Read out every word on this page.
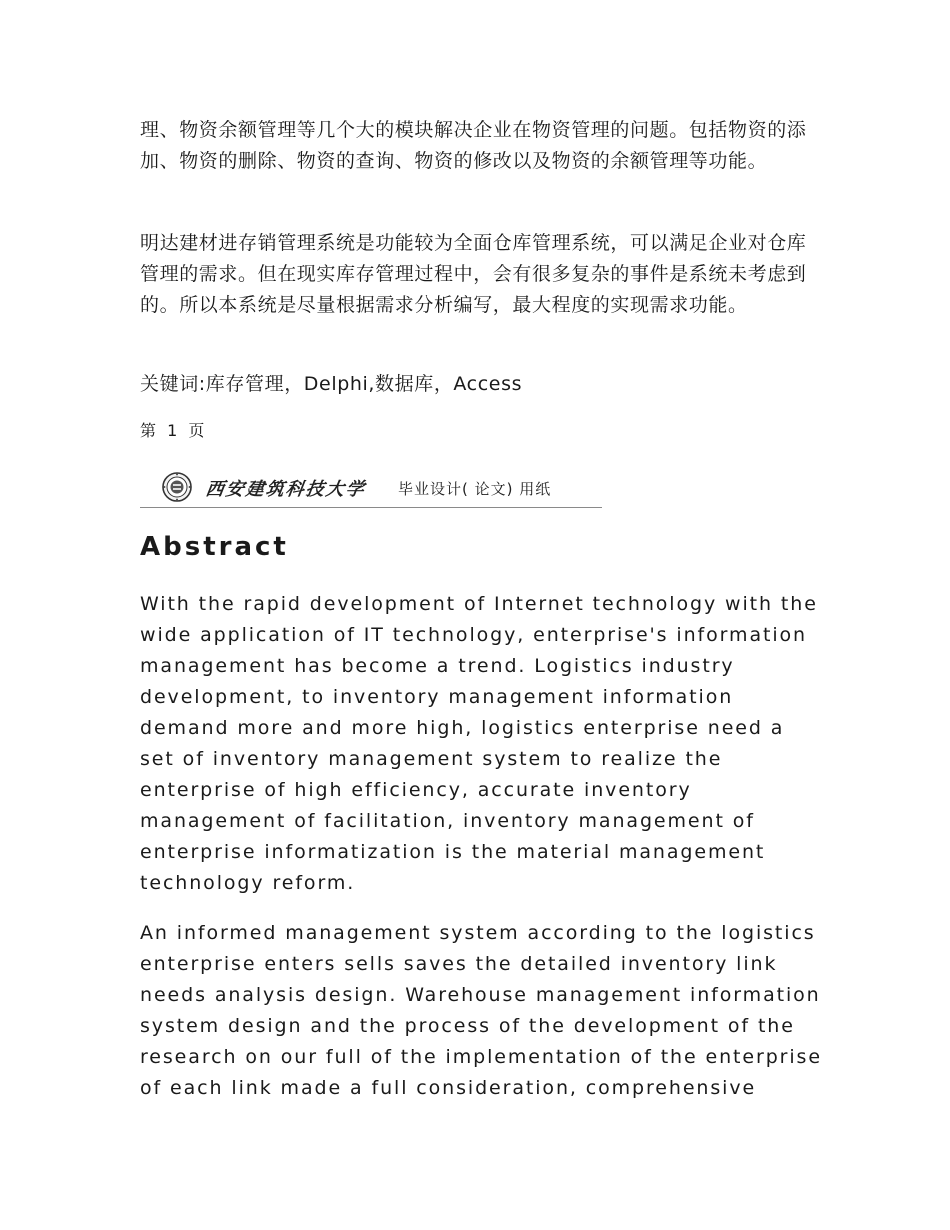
理、物资余额管理等几个大的模块解决企业在物资管理的问题。包括物资的添加、物资的删除、物资的查询、物资的修改以及物资的余额管理等功能。

明达建材进存销管理系统是功能较为全面仓库管理系统，可以满足企业对仓库管理的需求。但在现实库存管理过程中，会有很多复杂的事件是系统未考虑到的。所以本系统是尽量根据需求分析编写，最大程度的实现需求功能。

关键词:库存管理，Delphi,数据库，Access

第 1 页

西安建筑科技大学 毕业设计( 论文) 用纸
Abstract
With the rapid development of Internet technology with the
wide application of IT technology, enterprise's information
management has become a trend. Logistics industry
development, to inventory management information
demand more and more high, logistics enterprise need a
set of inventory management system to realize the
enterprise of high efficiency, accurate inventory
management of facilitation, inventory management of
enterprise informatization is the material management
technology reform.
An informed management system according to the logistics
enterprise enters sells saves the detailed inventory link
needs analysis design. Warehouse management information
system design and the process of the development of the
research on our full of the implementation of the enterprise
of each link made a full consideration, comprehensive
